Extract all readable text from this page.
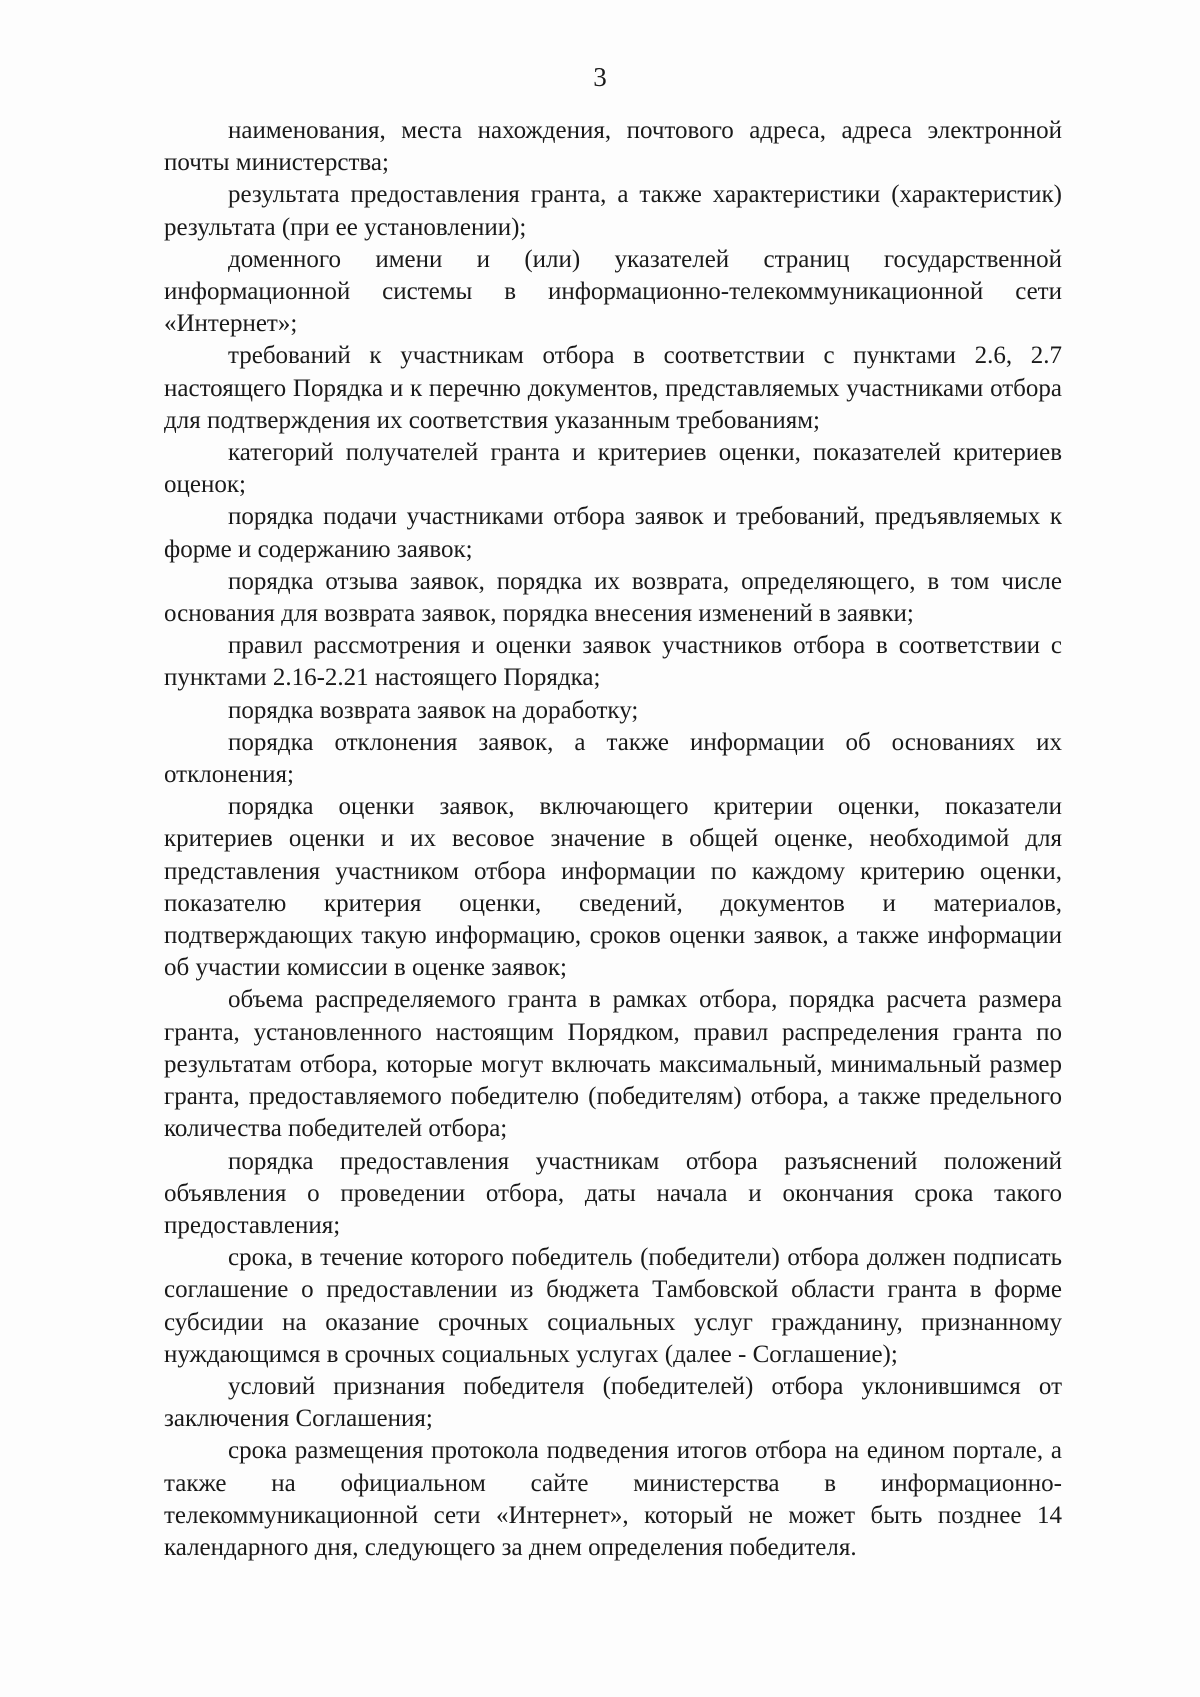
3

наименования, места нахождения, почтового адреса, адреса электронной почты министерства;

результата предоставления гранта, а также характеристики (характеристик) результата (при ее установлении);

доменного имени и (или) указателей страниц государственной информационной системы в информационно-телекоммуникационной сети «Интернет»;

требований к участникам отбора в соответствии с пунктами 2.6, 2.7 настоящего Порядка и к перечню документов, представляемых участниками отбора для подтверждения их соответствия указанным требованиям;

категорий получателей гранта и критериев оценки, показателей критериев оценок;

порядка подачи участниками отбора заявок и требований, предъявляемых к форме и содержанию заявок;

порядка отзыва заявок, порядка их возврата, определяющего, в том числе основания для возврата заявок, порядка внесения изменений в заявки;

правил рассмотрения и оценки заявок участников отбора в соответствии с пунктами 2.16-2.21 настоящего Порядка;

порядка возврата заявок на доработку;

порядка отклонения заявок, а также информации об основаниях их отклонения;

порядка оценки заявок, включающего критерии оценки, показатели критериев оценки и их весовое значение в общей оценке, необходимой для представления участником отбора информации по каждому критерию оценки, показателю критерия оценки, сведений, документов и материалов, подтверждающих такую информацию, сроков оценки заявок, а также информации об участии комиссии в оценке заявок;

объема распределяемого гранта в рамках отбора, порядка расчета размера гранта, установленного настоящим Порядком, правил распределения гранта по результатам отбора, которые могут включать максимальный, минимальный размер гранта, предоставляемого победителю (победителям) отбора, а также предельного количества победителей отбора;

порядка предоставления участникам отбора разъяснений положений объявления о проведении отбора, даты начала и окончания срока такого предоставления;

срока, в течение которого победитель (победители) отбора должен подписать соглашение о предоставлении из бюджета Тамбовской области гранта в форме субсидии на оказание срочных социальных услуг гражданину, признанному нуждающимся в срочных социальных услугах (далее - Соглашение);

условий признания победителя (победителей) отбора уклонившимся от заключения Соглашения;

срока размещения протокола подведения итогов отбора на едином портале, а также на официальном сайте министерства в информационно-телекоммуникационной сети «Интернет», который не может быть позднее 14 календарного дня, следующего за днем определения победителя.
